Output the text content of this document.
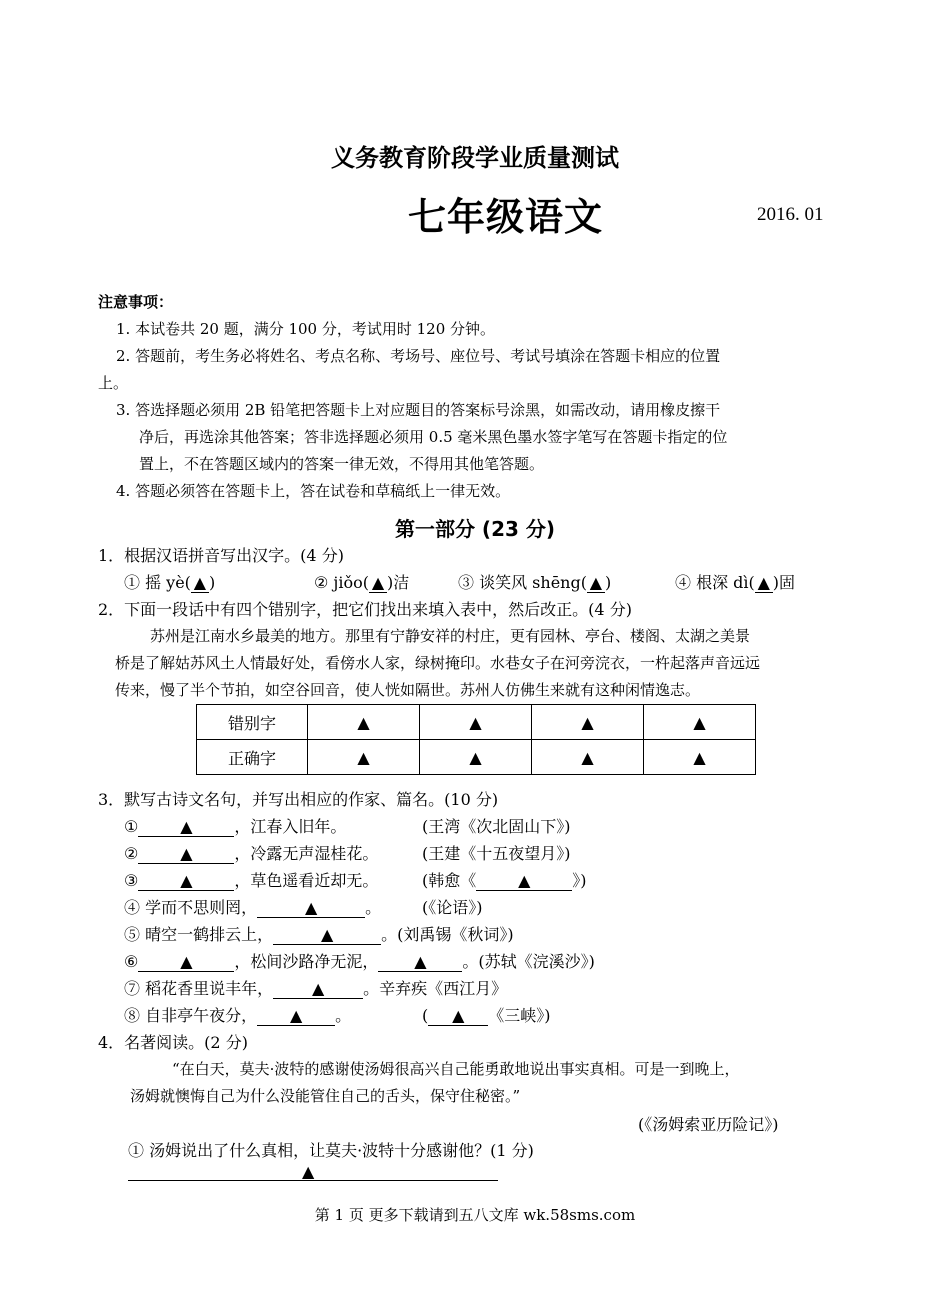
义务教育阶段学业质量测试
七年级语文	2016. 01
注意事项：
1. 本试卷共 20 题，满分 100 分，考试用时 120 分钟。
2. 答题前，考生务必将姓名、考点名称、考场号、座位号、考试号填涂在答题卡相应的位置
上。
3. 答选择题必须用 2B 铅笔把答题卡上对应题目的答案标号涂黑，如需改动，请用橡皮擦干
净后，再选涂其他答案；答非选择题必须用 0.5 毫米黑色墨水签字笔写在答题卡指定的位
置上，不在答题区域内的答案一律无效，不得用其他笔答题。
4. 答题必须答在答题卡上，答在试卷和草稿纸上一律无效。
第一部分 (23 分)
1．根据汉语拼音写出汉字。(4 分)
① 摇 yè( ▲ )	② jiǒo( ▲ )洁	③ 谈笑风 shēng( ▲ )	④ 根深 dì( ▲ )固
2．下面一段话中有四个错别字，把它们找出来填入表中，然后改正。(4 分)
苏州是江南水乡最美的地方。那里有宁静安祥的村庄，更有园林、亭台、楼阁、太湖之美景
桥是了解姑苏风土人情最好处，看傍水人家，绿树掩印。水巷女子在河旁浣衣，一杵起落声音远远
传来，慢了半个节拍，如空谷回音，使人恍如隔世。苏州人仿佛生来就有这种闲情逸志。
错别字	▲	▲	▲	▲
正确字	▲	▲	▲	▲
3．默写古诗文名句，并写出相应的作家、篇名。(10 分)
①	▲	，江春入旧年。	(王湾《次北固山下》)
②	▲	，冷露无声湿桂花。	(王建《十五夜望月》)
③	▲	，草色遥看近却无。	(韩愈《	▲	》)
④ 学而不思则罔，	▲	。	(《论语》)
⑤ 晴空一鹤排云上，	▲	。(刘禹锡《秋词》)
⑥	▲	，松间沙路净无泥， ▲ 。(苏轼《浣溪沙》)
⑦ 稻花香里说丰年， ▲ 。辛弃疾《西江月》
⑧ 自非亭午夜分， ▲ 。	( ▲ 《三峡》)
4．名著阅读。(2 分)
“在白天，莫夫·波特的感谢使汤姆很高兴自己能勇敢地说出事实真相。可是一到晚上，
汤姆就懊悔自己为什么没能管住自己的舌头，保守住秘密。”
(《汤姆索亚历险记》)
① 汤姆说出了什么真相，让莫夫·波特十分感谢他？(1 分)
▲
第 1 页 更多下载请到五八文库 wk.58sms.com
